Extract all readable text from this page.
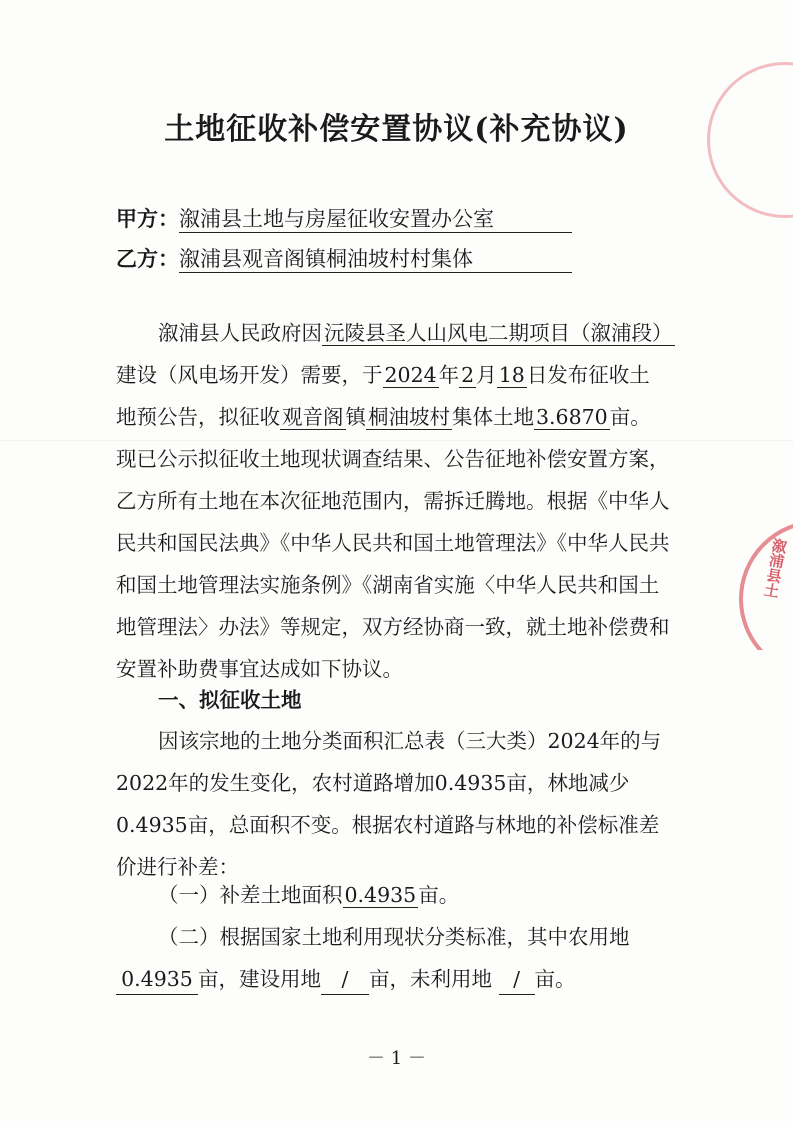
溆浦县土
土地征收补偿安置协议(补充协议)
甲方：溆浦县土地与房屋征收安置办公室
乙方：溆浦县观音阁镇桐油坡村村集体
溆浦县人民政府因沅陵县圣人山风电二期项目（溆浦段）
建设（风电场开发）需要，于2024年2月18日发布征收土
地预公告，拟征收观音阁镇桐油坡村集体土地3.6870亩。
现已公示拟征收土地现状调查结果、公告征地补偿安置方案，
乙方所有土地在本次征地范围内，需拆迁腾地。根据《中华人
民共和国民法典》《中华人民共和国土地管理法》《中华人民共
和国土地管理法实施条例》《湖南省实施〈中华人民共和国土
地管理法〉办法》等规定，双方经协商一致，就土地补偿费和
安置补助费事宜达成如下协议。
一、拟征收土地
因该宗地的土地分类面积汇总表（三大类）2024年的与
2022年的发生变化，农村道路增加0.4935亩，林地减少
0.4935亩，总面积不变。根据农村道路与林地的补偿标准差
价进行补差：
（一）补差土地面积0.4935亩。
（二）根据国家土地利用现状分类标准，其中农用地
0.4935 亩，建设用地 / 亩，未利用地 / 亩。
－ 1 －
